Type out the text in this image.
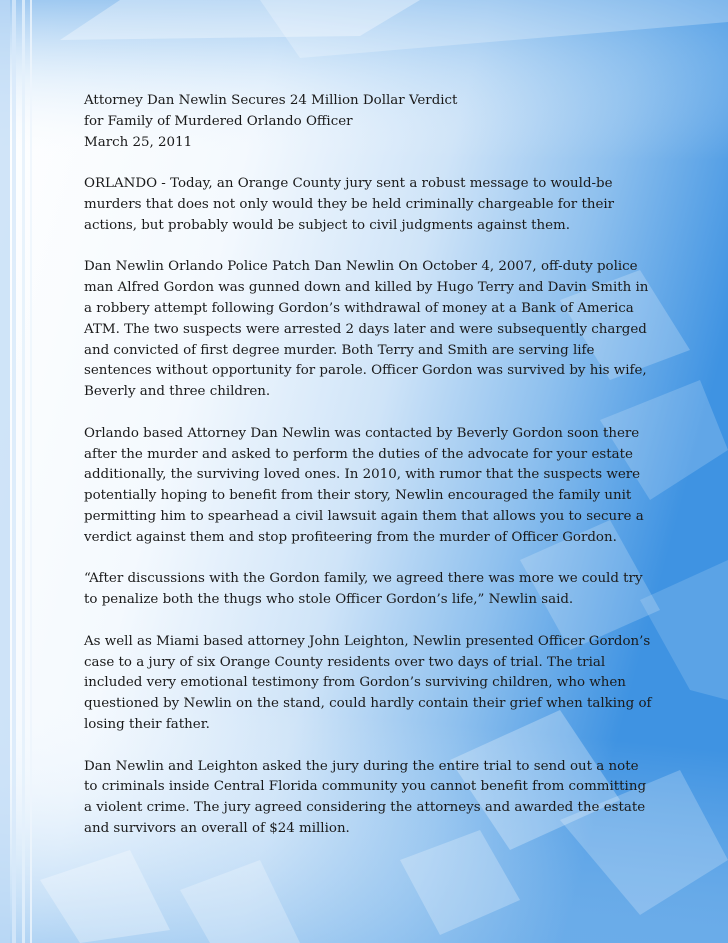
Attorney Dan Newlin Secures 24 Million Dollar Verdict
for Family of Murdered Orlando Officer

March 25, 2011

ORLANDO - Today, an Orange County jury sent a robust message to would-be murders that does not only would they be held criminally chargeable for their actions, but probably would be subject to civil judgments against them.

Dan Newlin Orlando Police Patch Dan Newlin On October 4, 2007, off-duty police man Alfred Gordon was gunned down and killed by Hugo Terry and Davin Smith in a robbery attempt following Gordon’s withdrawal of money at a Bank of America ATM. The two suspects were arrested 2 days later and were subsequently charged and convicted of first degree murder. Both Terry and Smith are serving life sentences without opportunity for parole. Officer Gordon was survived by his wife, Beverly and three children.

Orlando based Attorney Dan Newlin was contacted by Beverly Gordon soon there after the murder and asked to perform the duties of the advocate for your estate additionally, the surviving loved ones. In 2010, with rumor that the suspects were potentially hoping to benefit from their story, Newlin encouraged the family unit permitting him to spearhead a civil lawsuit again them that allows you to secure a verdict against them and stop profiteering from the murder of Officer Gordon.

“After discussions with the Gordon family, we agreed there was more we could try to penalize both the thugs who stole Officer Gordon’s life,” Newlin said.

As well as Miami based attorney John Leighton, Newlin presented Officer Gordon’s case to a jury of six Orange County residents over two days of trial. The trial included very emotional testimony from Gordon’s surviving children, who when questioned by Newlin on the stand, could hardly contain their grief when talking of losing their father.

Dan Newlin and Leighton asked the jury during the entire trial to send out a note to criminals inside Central Florida community you cannot benefit from committing a violent crime. The jury agreed considering the attorneys and awarded the estate and survivors an overall of $24 million.
